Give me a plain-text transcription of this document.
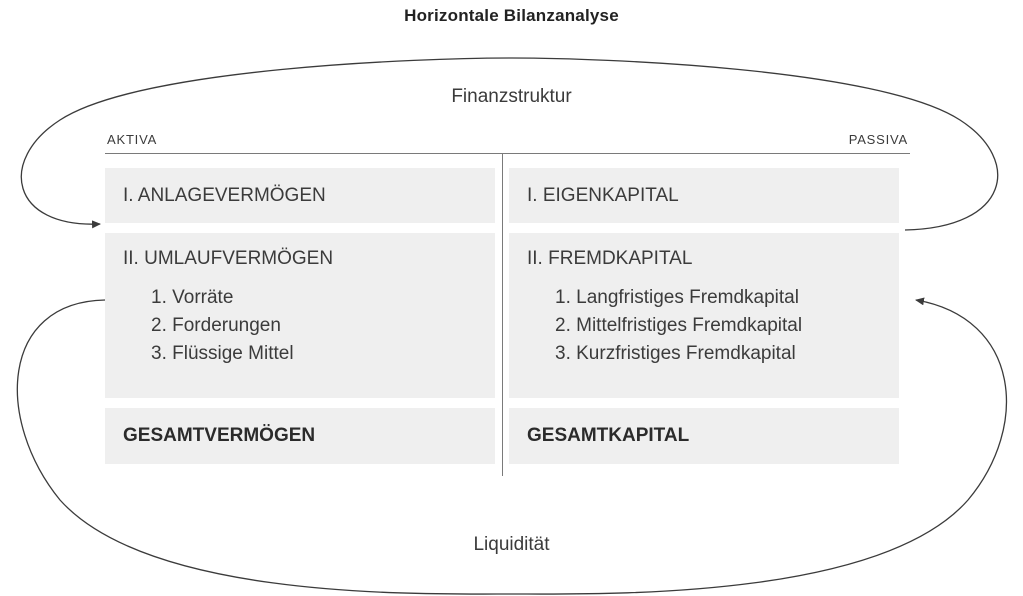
Horizontale Bilanzanalyse
Finanzstruktur
Liquidität
AKTIVA	PASSIVA
I. ANLAGEVERMÖGEN
II. UMLAUFVERMÖGEN
1. Vorräte
2. Forderungen
3. Flüssige Mittel
GESAMTVERMÖGEN
I. EIGENKAPITAL
II. FREMDKAPITAL
1. Langfristiges Fremdkapital
2. Mittelfristiges Fremdkapital
3. Kurzfristiges Fremdkapital
GESAMTKAPITAL
